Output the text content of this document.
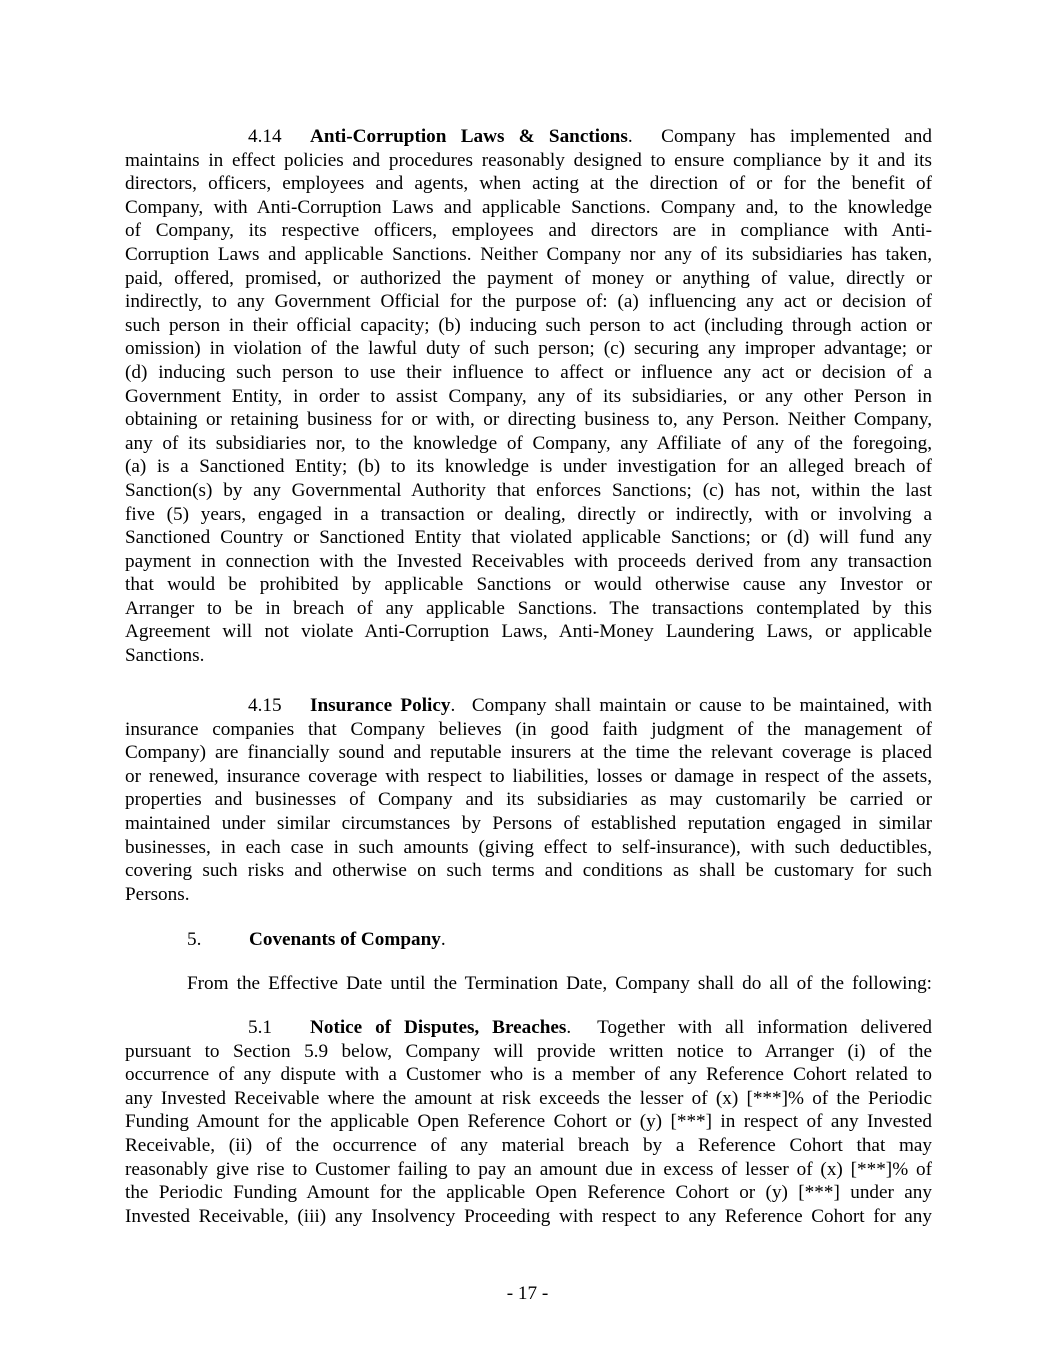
4.14 Anti-Corruption Laws & Sanctions. Company has implemented and
maintains in effect policies and procedures reasonably designed to ensure compliance by it and its
directors, officers, employees and agents, when acting at the direction of or for the benefit of
Company, with Anti-Corruption Laws and applicable Sanctions. Company and, to the knowledge
of Company, its respective officers, employees and directors are in compliance with Anti-
Corruption Laws and applicable Sanctions. Neither Company nor any of its subsidiaries has taken,
paid, offered, promised, or authorized the payment of money or anything of value, directly or
indirectly, to any Government Official for the purpose of: (a) influencing any act or decision of
such person in their official capacity; (b) inducing such person to act (including through action or
omission) in violation of the lawful duty of such person; (c) securing any improper advantage; or
(d) inducing such person to use their influence to affect or influence any act or decision of a
Government Entity, in order to assist Company, any of its subsidiaries, or any other Person in
obtaining or retaining business for or with, or directing business to, any Person. Neither Company,
any of its subsidiaries nor, to the knowledge of Company, any Affiliate of any of the foregoing,
(a) is a Sanctioned Entity; (b) to its knowledge is under investigation for an alleged breach of
Sanction(s) by any Governmental Authority that enforces Sanctions; (c) has not, within the last
five (5) years, engaged in a transaction or dealing, directly or indirectly, with or involving a
Sanctioned Country or Sanctioned Entity that violated applicable Sanctions; or (d) will fund any
payment in connection with the Invested Receivables with proceeds derived from any transaction
that would be prohibited by applicable Sanctions or would otherwise cause any Investor or
Arranger to be in breach of any applicable Sanctions. The transactions contemplated by this
Agreement will not violate Anti-Corruption Laws, Anti-Money Laundering Laws, or applicable
Sanctions.
4.15 Insurance Policy. Company shall maintain or cause to be maintained, with
insurance companies that Company believes (in good faith judgment of the management of
Company) are financially sound and reputable insurers at the time the relevant coverage is placed
or renewed, insurance coverage with respect to liabilities, losses or damage in respect of the assets,
properties and businesses of Company and its subsidiaries as may customarily be carried or
maintained under similar circumstances by Persons of established reputation engaged in similar
businesses, in each case in such amounts (giving effect to self-insurance), with such deductibles,
covering such risks and otherwise on such terms and conditions as shall be customary for such
Persons.
5. Covenants of Company.
From the Effective Date until the Termination Date, Company shall do all of the following:
5.1 Notice of Disputes, Breaches. Together with all information delivered
pursuant to Section 5.9 below, Company will provide written notice to Arranger (i) of the
occurrence of any dispute with a Customer who is a member of any Reference Cohort related to
any Invested Receivable where the amount at risk exceeds the lesser of (x) [***]% of the Periodic
Funding Amount for the applicable Open Reference Cohort or (y) [***] in respect of any Invested
Receivable, (ii) of the occurrence of any material breach by a Reference Cohort that may
reasonably give rise to Customer failing to pay an amount due in excess of lesser of (x) [***]% of
the Periodic Funding Amount for the applicable Open Reference Cohort or (y) [***] under any
Invested Receivable, (iii) any Insolvency Proceeding with respect to any Reference Cohort for any
- 17 -
